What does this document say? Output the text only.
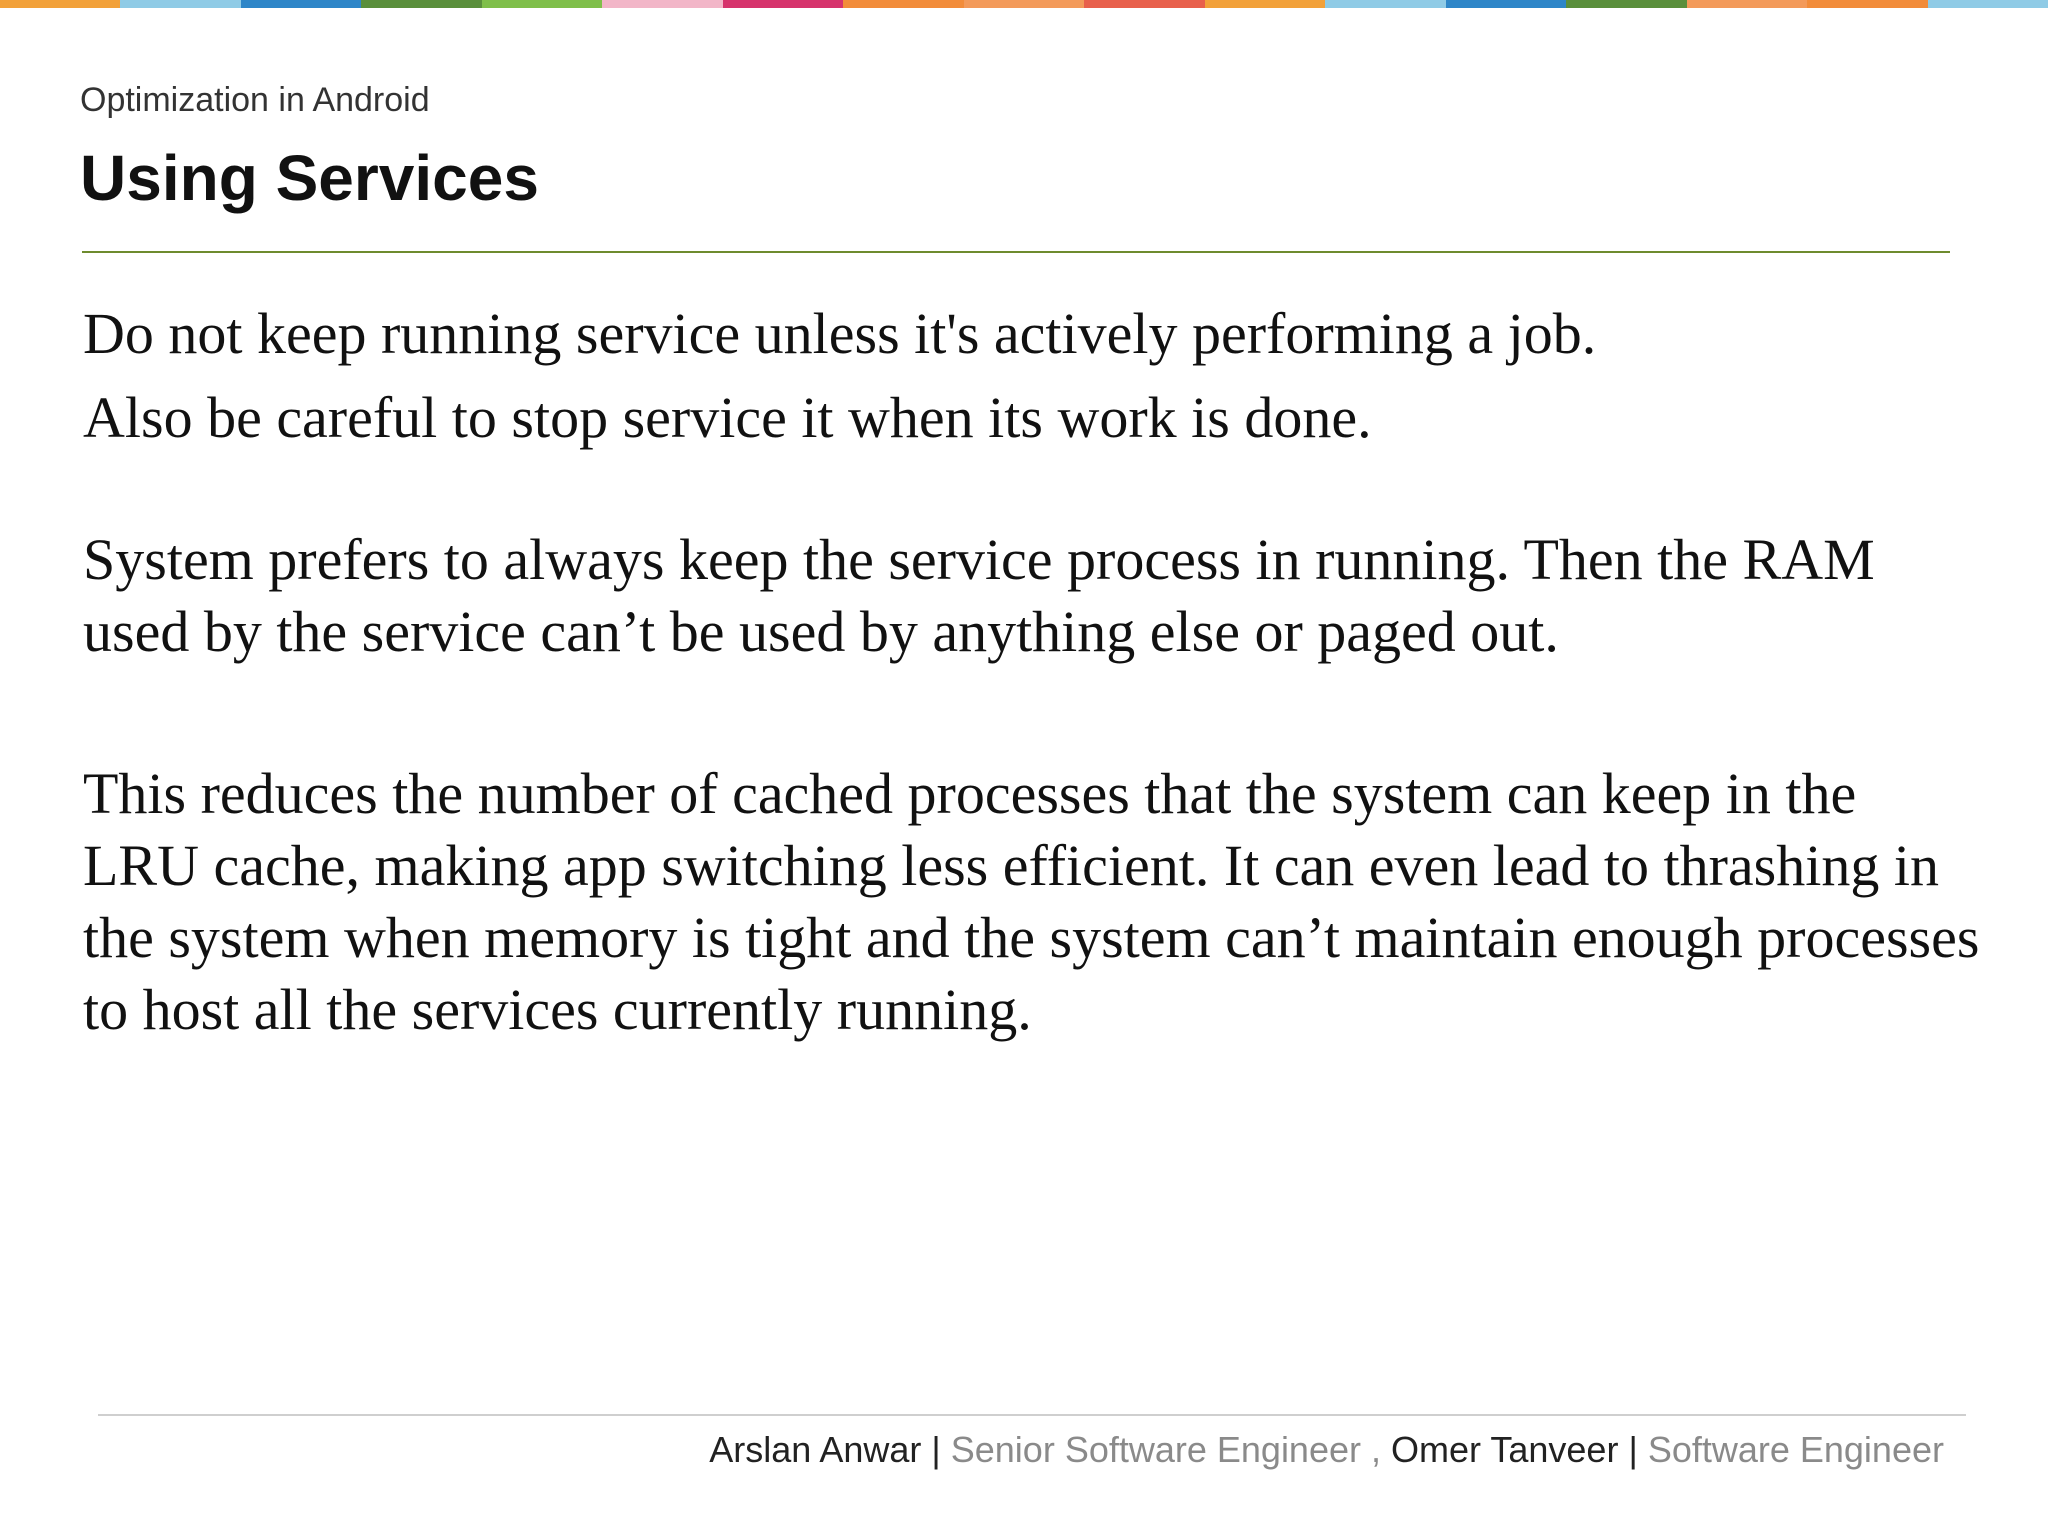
Optimization in Android

Using Services

Do not keep running service unless it's actively performing a job.
Also be careful to stop service it when its work is done.

System prefers to always keep the service process in running. Then the RAM used by the service can’t be used by anything else or paged out.

This reduces the number of cached processes that the system can keep in the LRU cache, making app switching less efficient. It can even lead to thrashing in the system when memory is tight and the system can’t maintain enough processes to host all the services currently running.

Arslan Anwar | Senior Software Engineer , Omer Tanveer | Software Engineer
